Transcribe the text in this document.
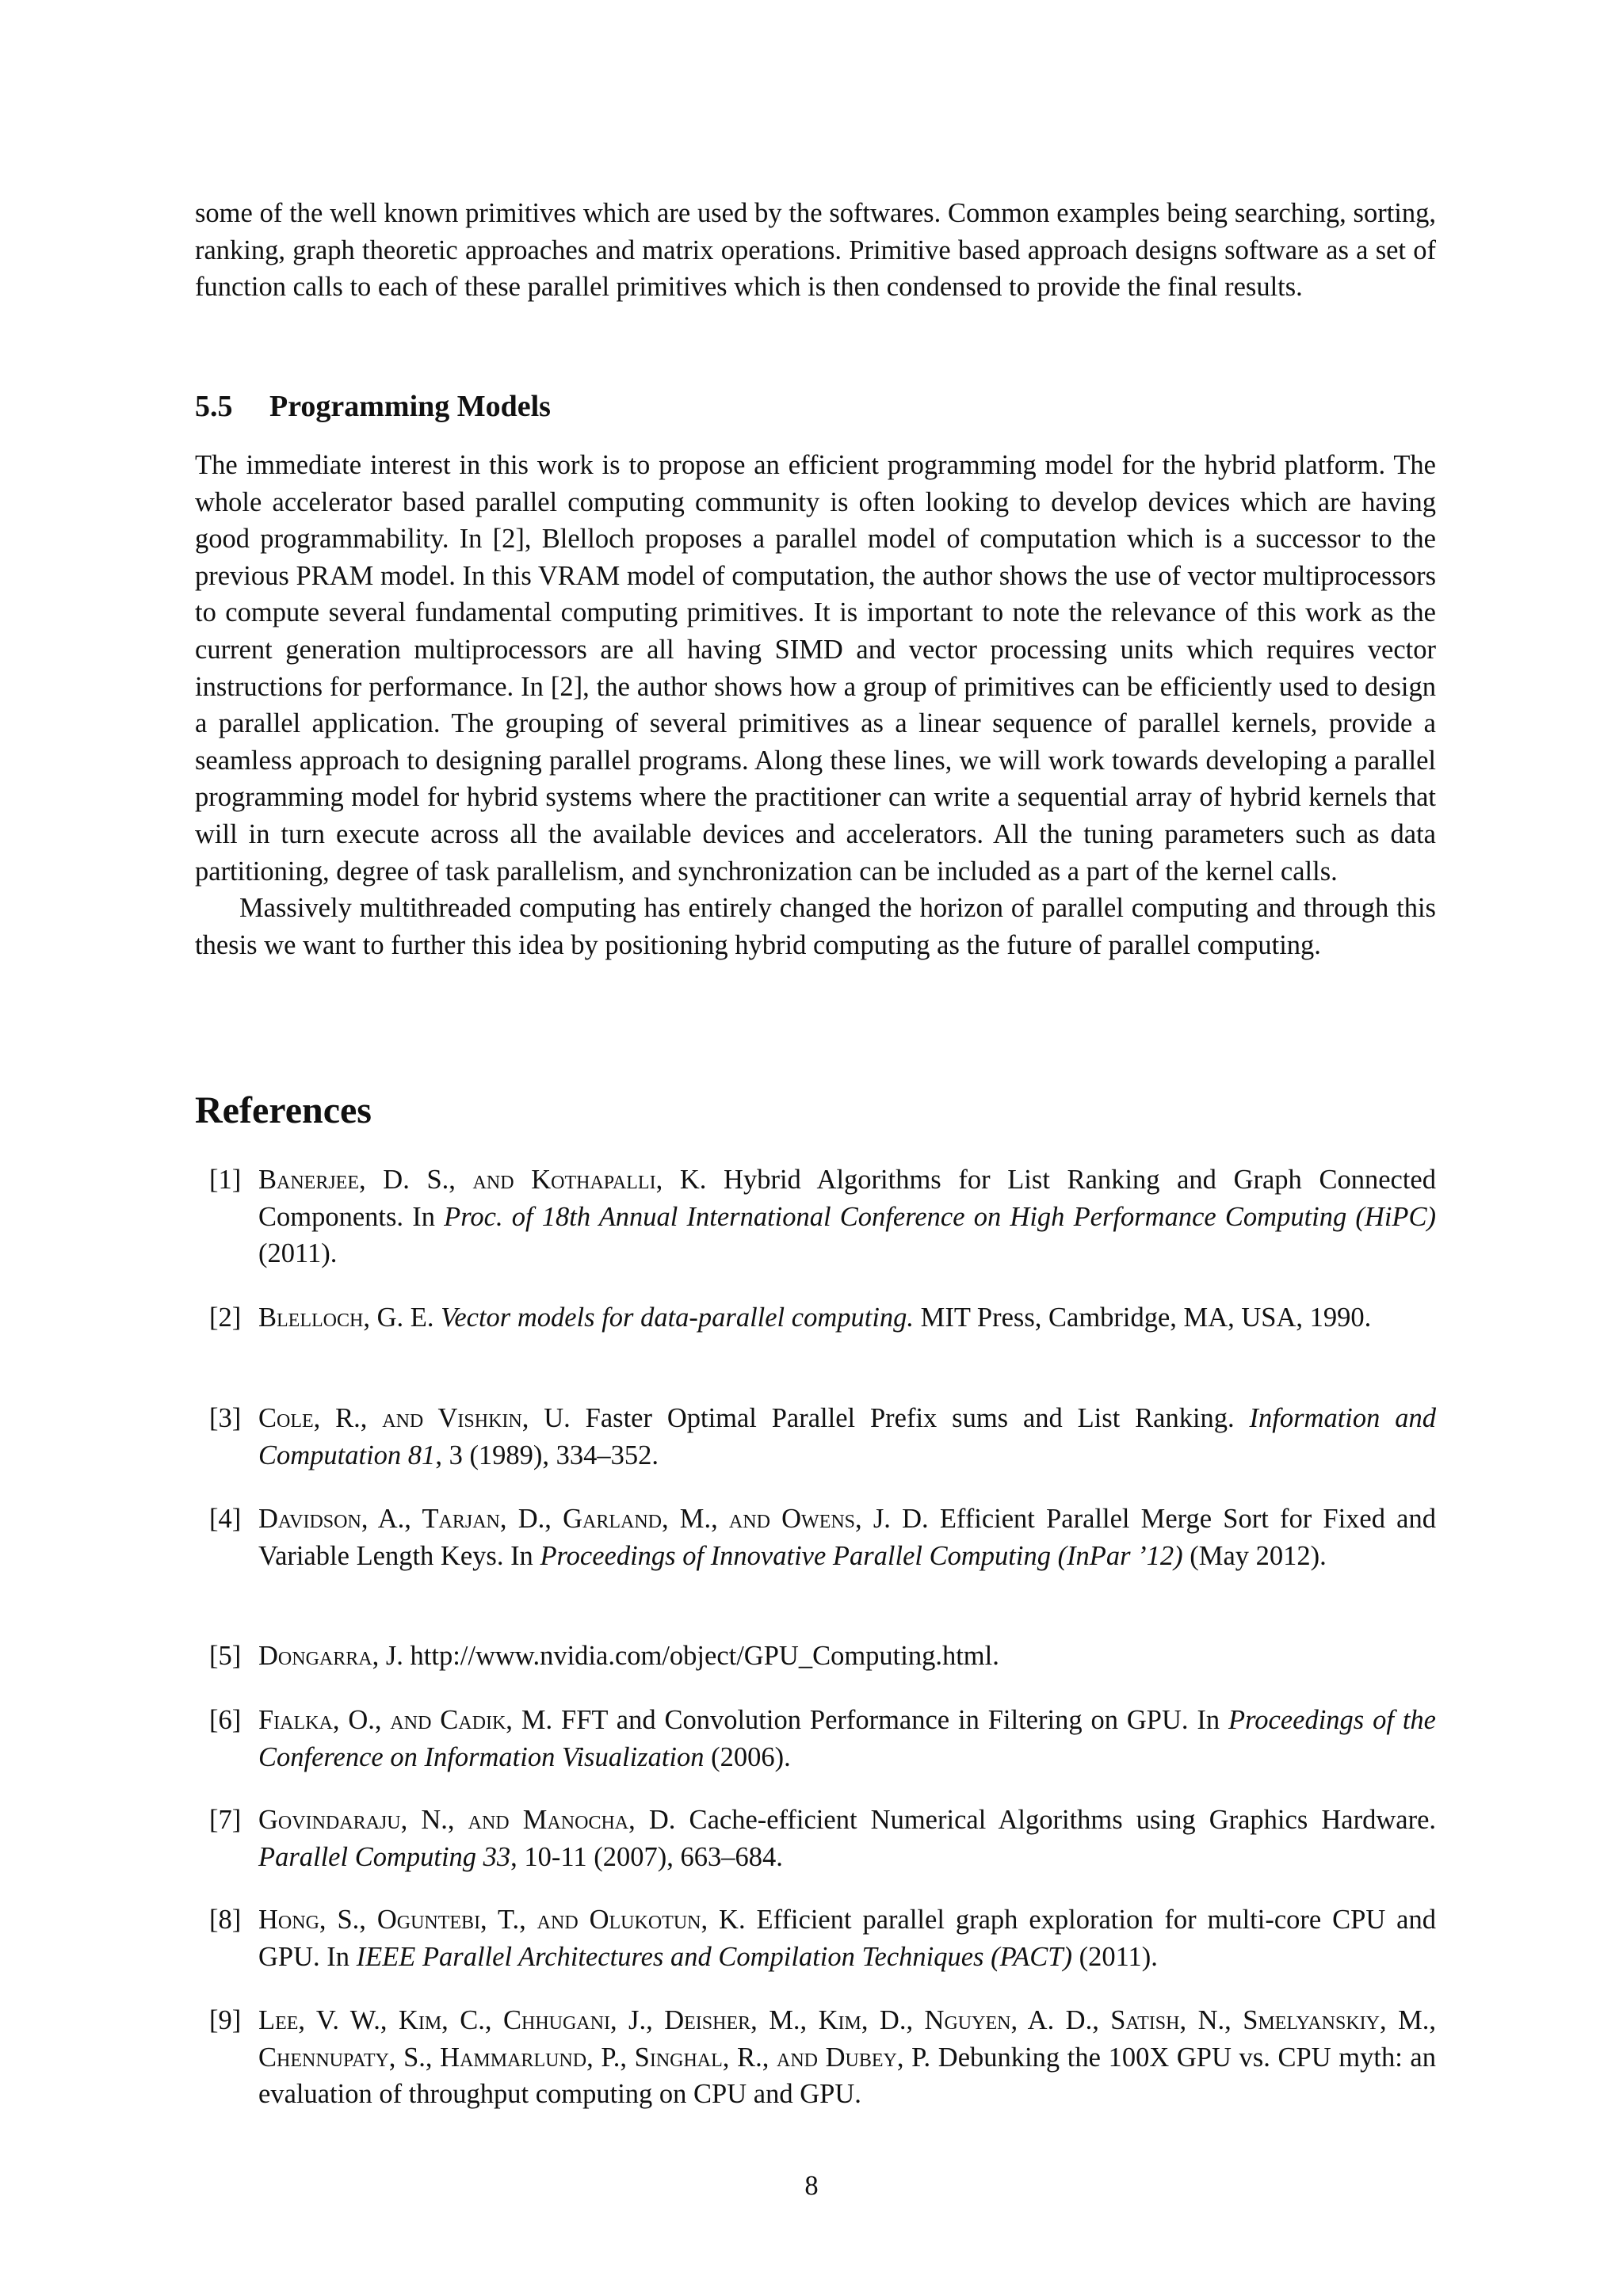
some of the well known primitives which are used by the softwares. Common examples being searching, sorting, ranking, graph theoretic approaches and matrix operations. Primitive based approach designs software as a set of function calls to each of these parallel primitives which is then condensed to provide the final results.

5.5 Programming Models

The immediate interest in this work is to propose an efficient programming model for the hybrid platform. The whole accelerator based parallel computing community is often looking to develop devices which are having good programmability. In [2], Blelloch proposes a parallel model of computation which is a successor to the previous PRAM model. In this VRAM model of computation, the author shows the use of vector multiprocessors to compute several fundamental computing primitives. It is important to note the relevance of this work as the current generation multiprocessors are all having SIMD and vector processing units which requires vector instructions for performance. In [2], the author shows how a group of primitives can be efficiently used to design a parallel application. The grouping of several primitives as a linear sequence of parallel kernels, provide a seamless approach to designing parallel programs. Along these lines, we will work towards developing a parallel programming model for hybrid systems where the practitioner can write a sequential array of hybrid kernels that will in turn execute across all the available devices and accelerators. All the tuning parameters such as data partitioning, degree of task parallelism, and synchronization can be included as a part of the kernel calls.

Massively multithreaded computing has entirely changed the horizon of parallel computing and through this thesis we want to further this idea by positioning hybrid computing as the future of parallel computing.

References
[1] Banerjee, D. S., and Kothapalli, K. Hybrid Algorithms for List Ranking and Graph Connected Components. In Proc. of 18th Annual International Conference on High Performance Computing (HiPC) (2011).
[2] Blelloch, G. E. Vector models for data-parallel computing. MIT Press, Cambridge, MA, USA, 1990.
[3] Cole, R., and Vishkin, U. Faster Optimal Parallel Prefix sums and List Ranking. Information and Computation 81, 3 (1989), 334–352.
[4] Davidson, A., Tarjan, D., Garland, M., and Owens, J. D. Efficient Parallel Merge Sort for Fixed and Variable Length Keys. In Proceedings of Innovative Parallel Computing (InPar ’12) (May 2012).
[5] Dongarra, J. http://www.nvidia.com/object/GPU_Computing.html.
[6] Fialka, O., and Cadik, M. FFT and Convolution Performance in Filtering on GPU. In Proceedings of the Conference on Information Visualization (2006).
[7] Govindaraju, N., and Manocha, D. Cache-efficient Numerical Algorithms using Graphics Hardware. Parallel Computing 33, 10-11 (2007), 663–684.
[8] Hong, S., Oguntebi, T., and Olukotun, K. Efficient parallel graph exploration for multi-core CPU and GPU. In IEEE Parallel Architectures and Compilation Techniques (PACT) (2011).
[9] Lee, V. W., Kim, C., Chhugani, J., Deisher, M., Kim, D., Nguyen, A. D., Satish, N., Smelyanskiy, M., Chennupaty, S., Hammarlund, P., Singhal, R., and Dubey, P. Debunking the 100X GPU vs. CPU myth: an evaluation of throughput computing on CPU and GPU.
8
